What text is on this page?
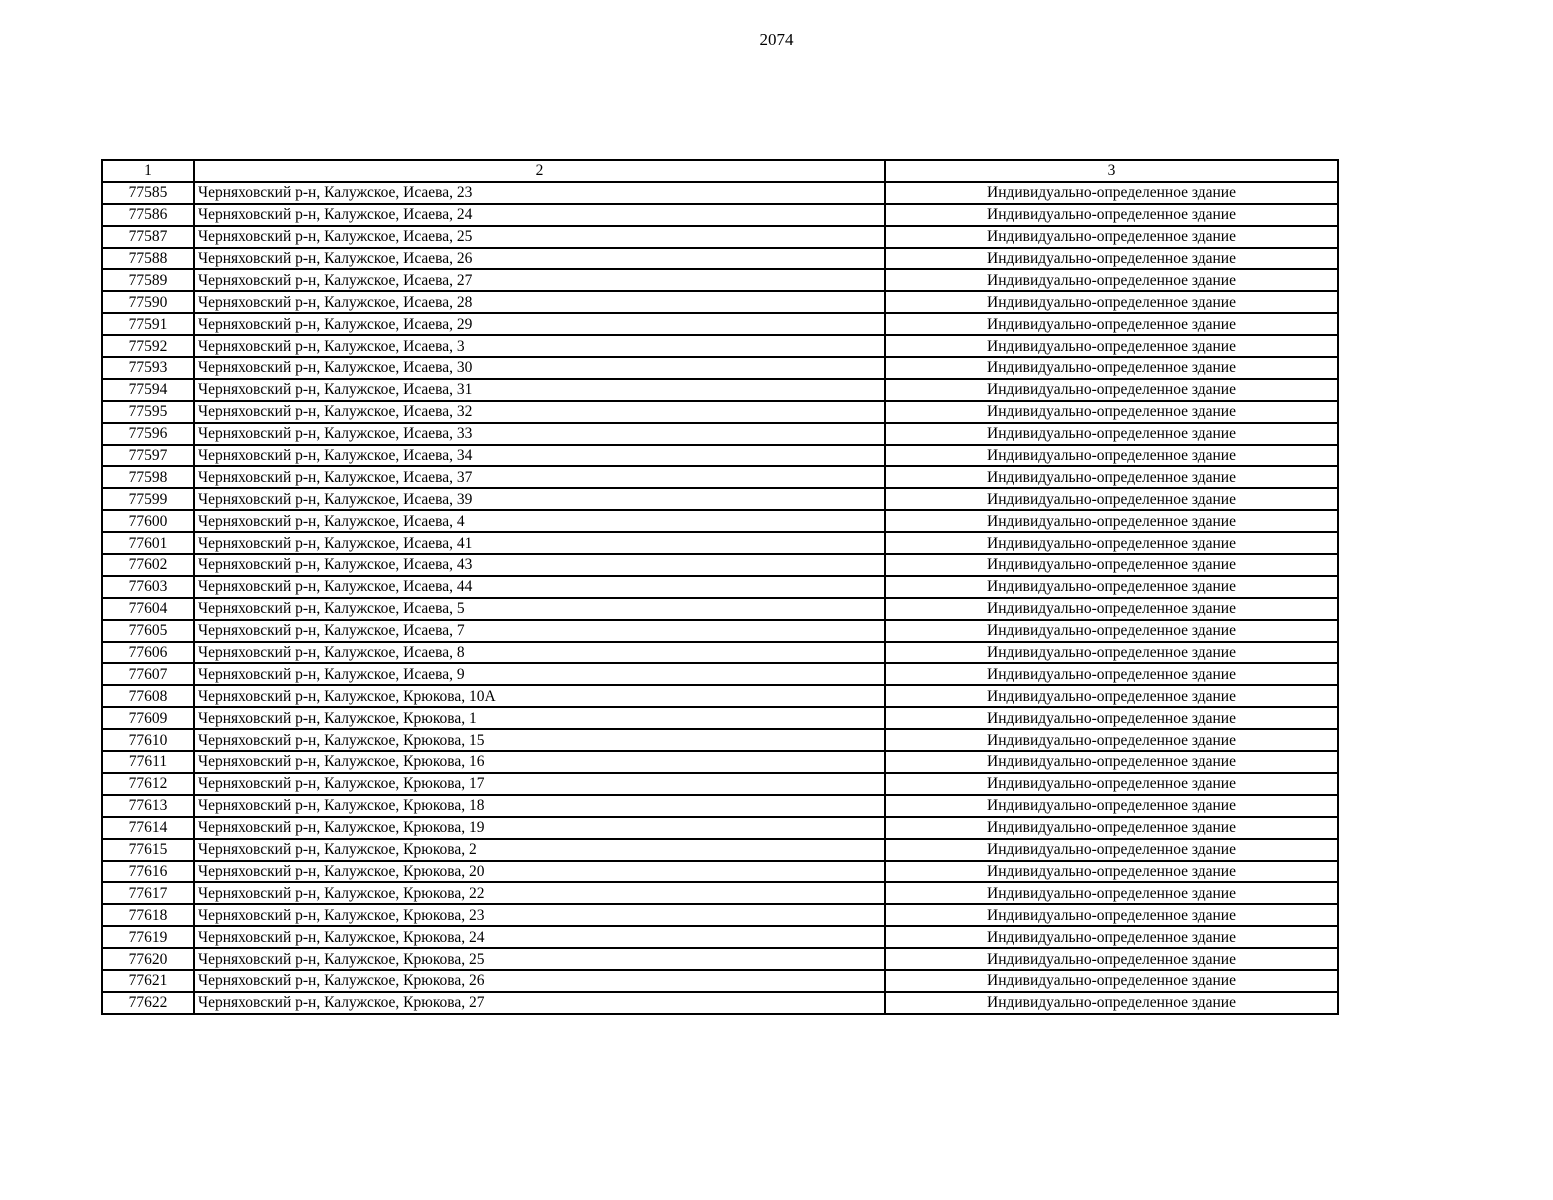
2074
1	2	3
77585	Черняховский р-н, Калужское, Исаева, 23	Индивидуально-определенное здание
77586	Черняховский р-н, Калужское, Исаева, 24	Индивидуально-определенное здание
77587	Черняховский р-н, Калужское, Исаева, 25	Индивидуально-определенное здание
77588	Черняховский р-н, Калужское, Исаева, 26	Индивидуально-определенное здание
77589	Черняховский р-н, Калужское, Исаева, 27	Индивидуально-определенное здание
77590	Черняховский р-н, Калужское, Исаева, 28	Индивидуально-определенное здание
77591	Черняховский р-н, Калужское, Исаева, 29	Индивидуально-определенное здание
77592	Черняховский р-н, Калужское, Исаева, 3	Индивидуально-определенное здание
77593	Черняховский р-н, Калужское, Исаева, 30	Индивидуально-определенное здание
77594	Черняховский р-н, Калужское, Исаева, 31	Индивидуально-определенное здание
77595	Черняховский р-н, Калужское, Исаева, 32	Индивидуально-определенное здание
77596	Черняховский р-н, Калужское, Исаева, 33	Индивидуально-определенное здание
77597	Черняховский р-н, Калужское, Исаева, 34	Индивидуально-определенное здание
77598	Черняховский р-н, Калужское, Исаева, 37	Индивидуально-определенное здание
77599	Черняховский р-н, Калужское, Исаева, 39	Индивидуально-определенное здание
77600	Черняховский р-н, Калужское, Исаева, 4	Индивидуально-определенное здание
77601	Черняховский р-н, Калужское, Исаева, 41	Индивидуально-определенное здание
77602	Черняховский р-н, Калужское, Исаева, 43	Индивидуально-определенное здание
77603	Черняховский р-н, Калужское, Исаева, 44	Индивидуально-определенное здание
77604	Черняховский р-н, Калужское, Исаева, 5	Индивидуально-определенное здание
77605	Черняховский р-н, Калужское, Исаева, 7	Индивидуально-определенное здание
77606	Черняховский р-н, Калужское, Исаева, 8	Индивидуально-определенное здание
77607	Черняховский р-н, Калужское, Исаева, 9	Индивидуально-определенное здание
77608	Черняховский р-н, Калужское, Крюкова, 10А	Индивидуально-определенное здание
77609	Черняховский р-н, Калужское, Крюкова, 1	Индивидуально-определенное здание
77610	Черняховский р-н, Калужское, Крюкова, 15	Индивидуально-определенное здание
77611	Черняховский р-н, Калужское, Крюкова, 16	Индивидуально-определенное здание
77612	Черняховский р-н, Калужское, Крюкова, 17	Индивидуально-определенное здание
77613	Черняховский р-н, Калужское, Крюкова, 18	Индивидуально-определенное здание
77614	Черняховский р-н, Калужское, Крюкова, 19	Индивидуально-определенное здание
77615	Черняховский р-н, Калужское, Крюкова, 2	Индивидуально-определенное здание
77616	Черняховский р-н, Калужское, Крюкова, 20	Индивидуально-определенное здание
77617	Черняховский р-н, Калужское, Крюкова, 22	Индивидуально-определенное здание
77618	Черняховский р-н, Калужское, Крюкова, 23	Индивидуально-определенное здание
77619	Черняховский р-н, Калужское, Крюкова, 24	Индивидуально-определенное здание
77620	Черняховский р-н, Калужское, Крюкова, 25	Индивидуально-определенное здание
77621	Черняховский р-н, Калужское, Крюкова, 26	Индивидуально-определенное здание
77622	Черняховский р-н, Калужское, Крюкова, 27	Индивидуально-определенное здание
